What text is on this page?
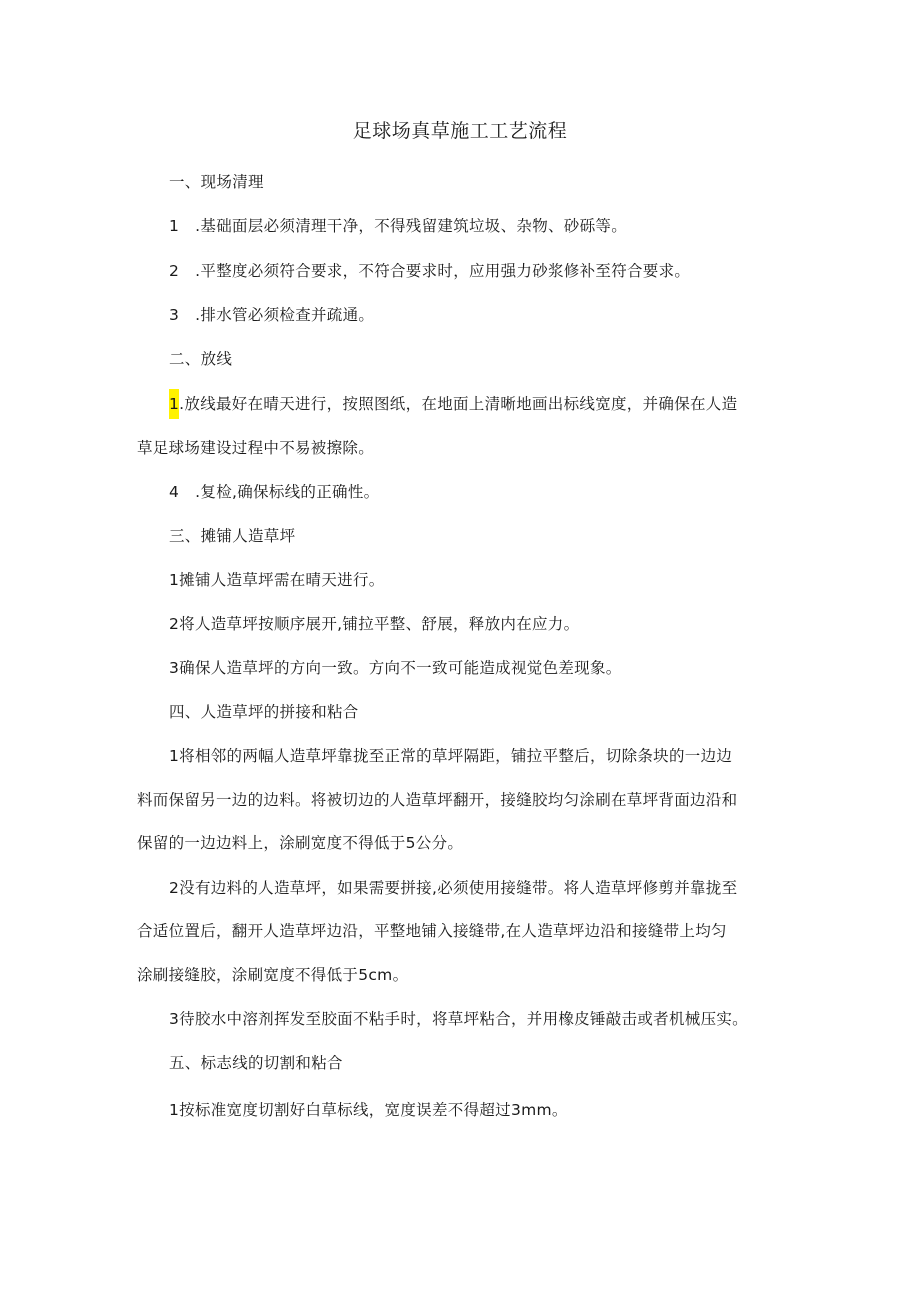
足球场真草施工工艺流程

一、现场清理

1 .基础面层必须清理干净，不得残留建筑垃圾、杂物、砂砾等。

2 .平整度必须符合要求，不符合要求时，应用强力砂浆修补至符合要求。

3 .排水管必须检查并疏通。

二、放线

1.放线最好在晴天进行，按照图纸，在地面上清晰地画出标线宽度，并确保在人造

草足球场建设过程中不易被擦除。

4 .复检,确保标线的正确性。

三、摊铺人造草坪

1摊铺人造草坪需在晴天进行。

2将人造草坪按顺序展开,铺拉平整、舒展，释放内在应力。

3确保人造草坪的方向一致。方向不一致可能造成视觉色差现象。

四、人造草坪的拼接和粘合

1将相邻的两幅人造草坪靠拢至正常的草坪隔距，铺拉平整后，切除条块的一边边

料而保留另一边的边料。将被切边的人造草坪翻开，接缝胶均匀涂刷在草坪背面边沿和

保留的一边边料上，涂刷宽度不得低于5公分。

2没有边料的人造草坪，如果需要拼接,必须使用接缝带。将人造草坪修剪并靠拢至

合适位置后，翻开人造草坪边沿，平整地铺入接缝带,在人造草坪边沿和接缝带上均匀

涂刷接缝胶，涂刷宽度不得低于5cm。

3待胶水中溶剂挥发至胶面不粘手时，将草坪粘合，并用橡皮锤敲击或者机械压实。

五、标志线的切割和粘合

1按标准宽度切割好白草标线，宽度误差不得超过3mm。
